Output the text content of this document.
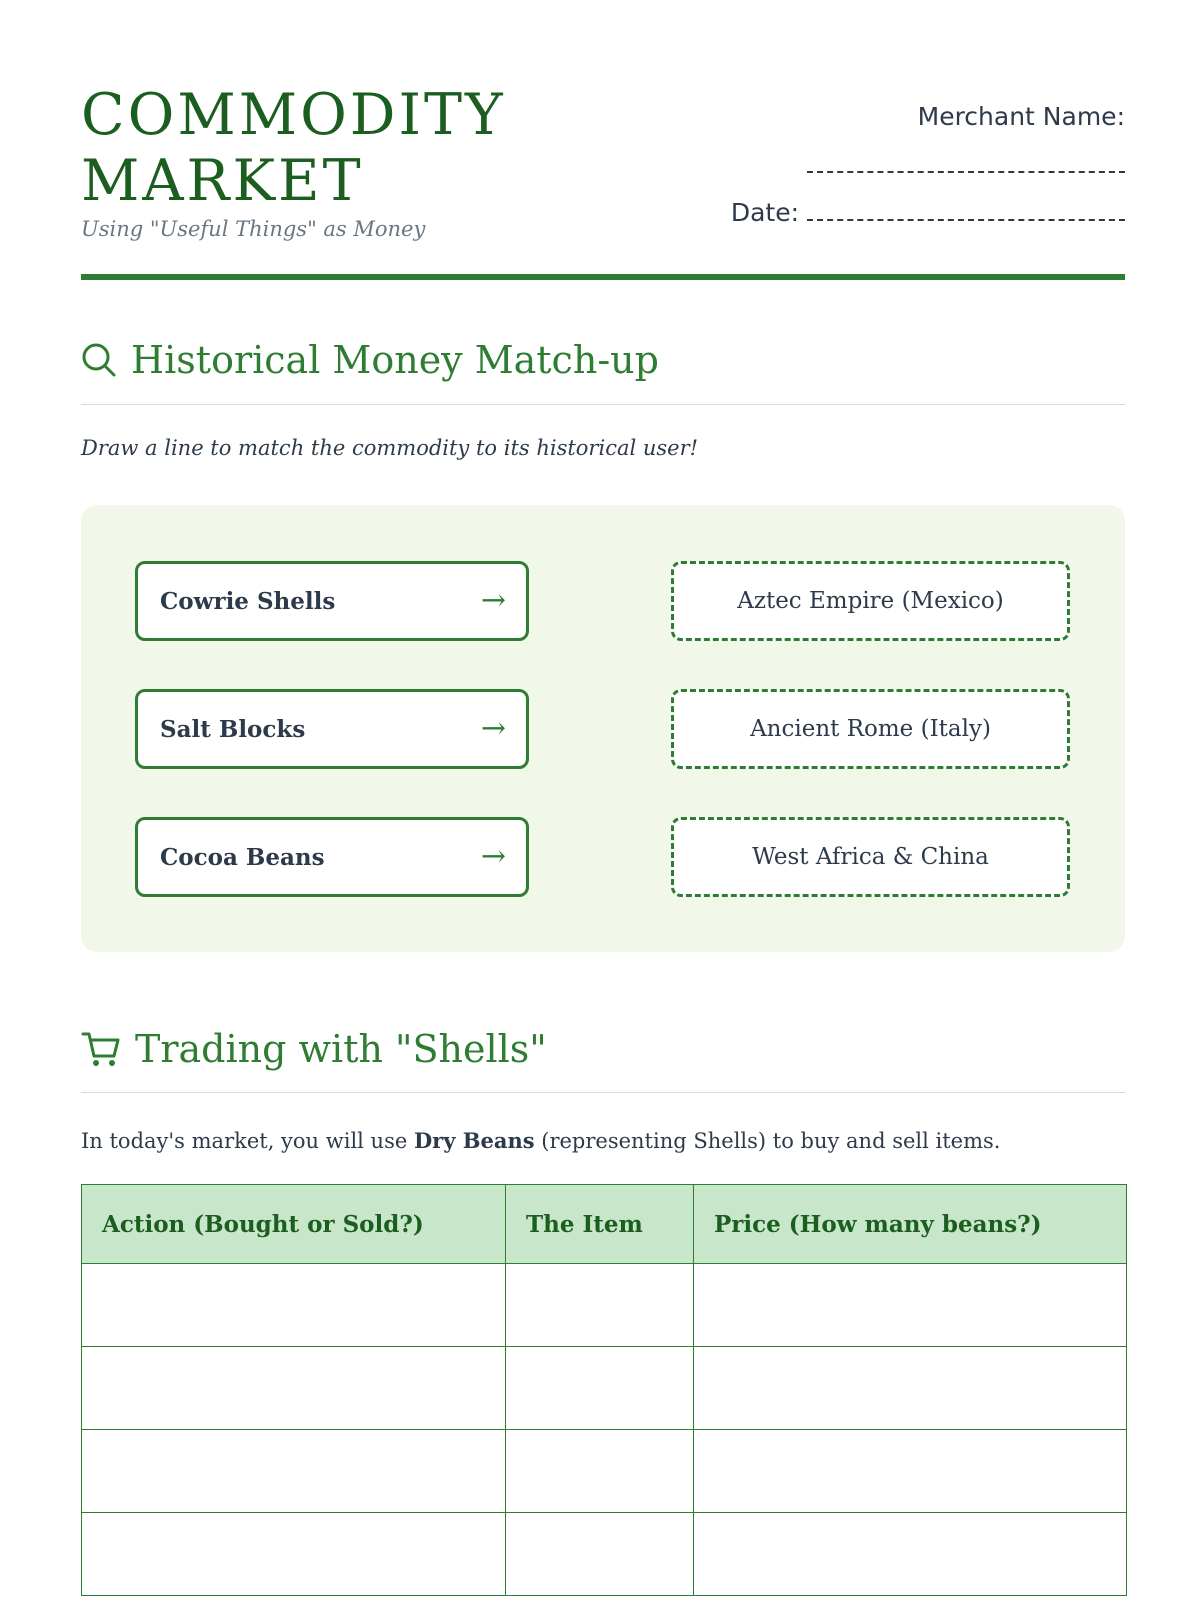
COMMODITY
MARKET

Using "Useful Things" as Money

Merchant Name:
Date:
Historical Money Match-up
Draw a line to match the commodity to its historical user!
Cowrie Shells	→
Salt Blocks	→
Cocoa Beans	→
Aztec Empire (Mexico)
Ancient Rome (Italy)
West Africa & China
Trading with "Shells"
In today's market, you will use Dry Beans (representing Shells) to buy and sell items.
Action (Bought or Sold?)	The Item	Price (How many beans?)
